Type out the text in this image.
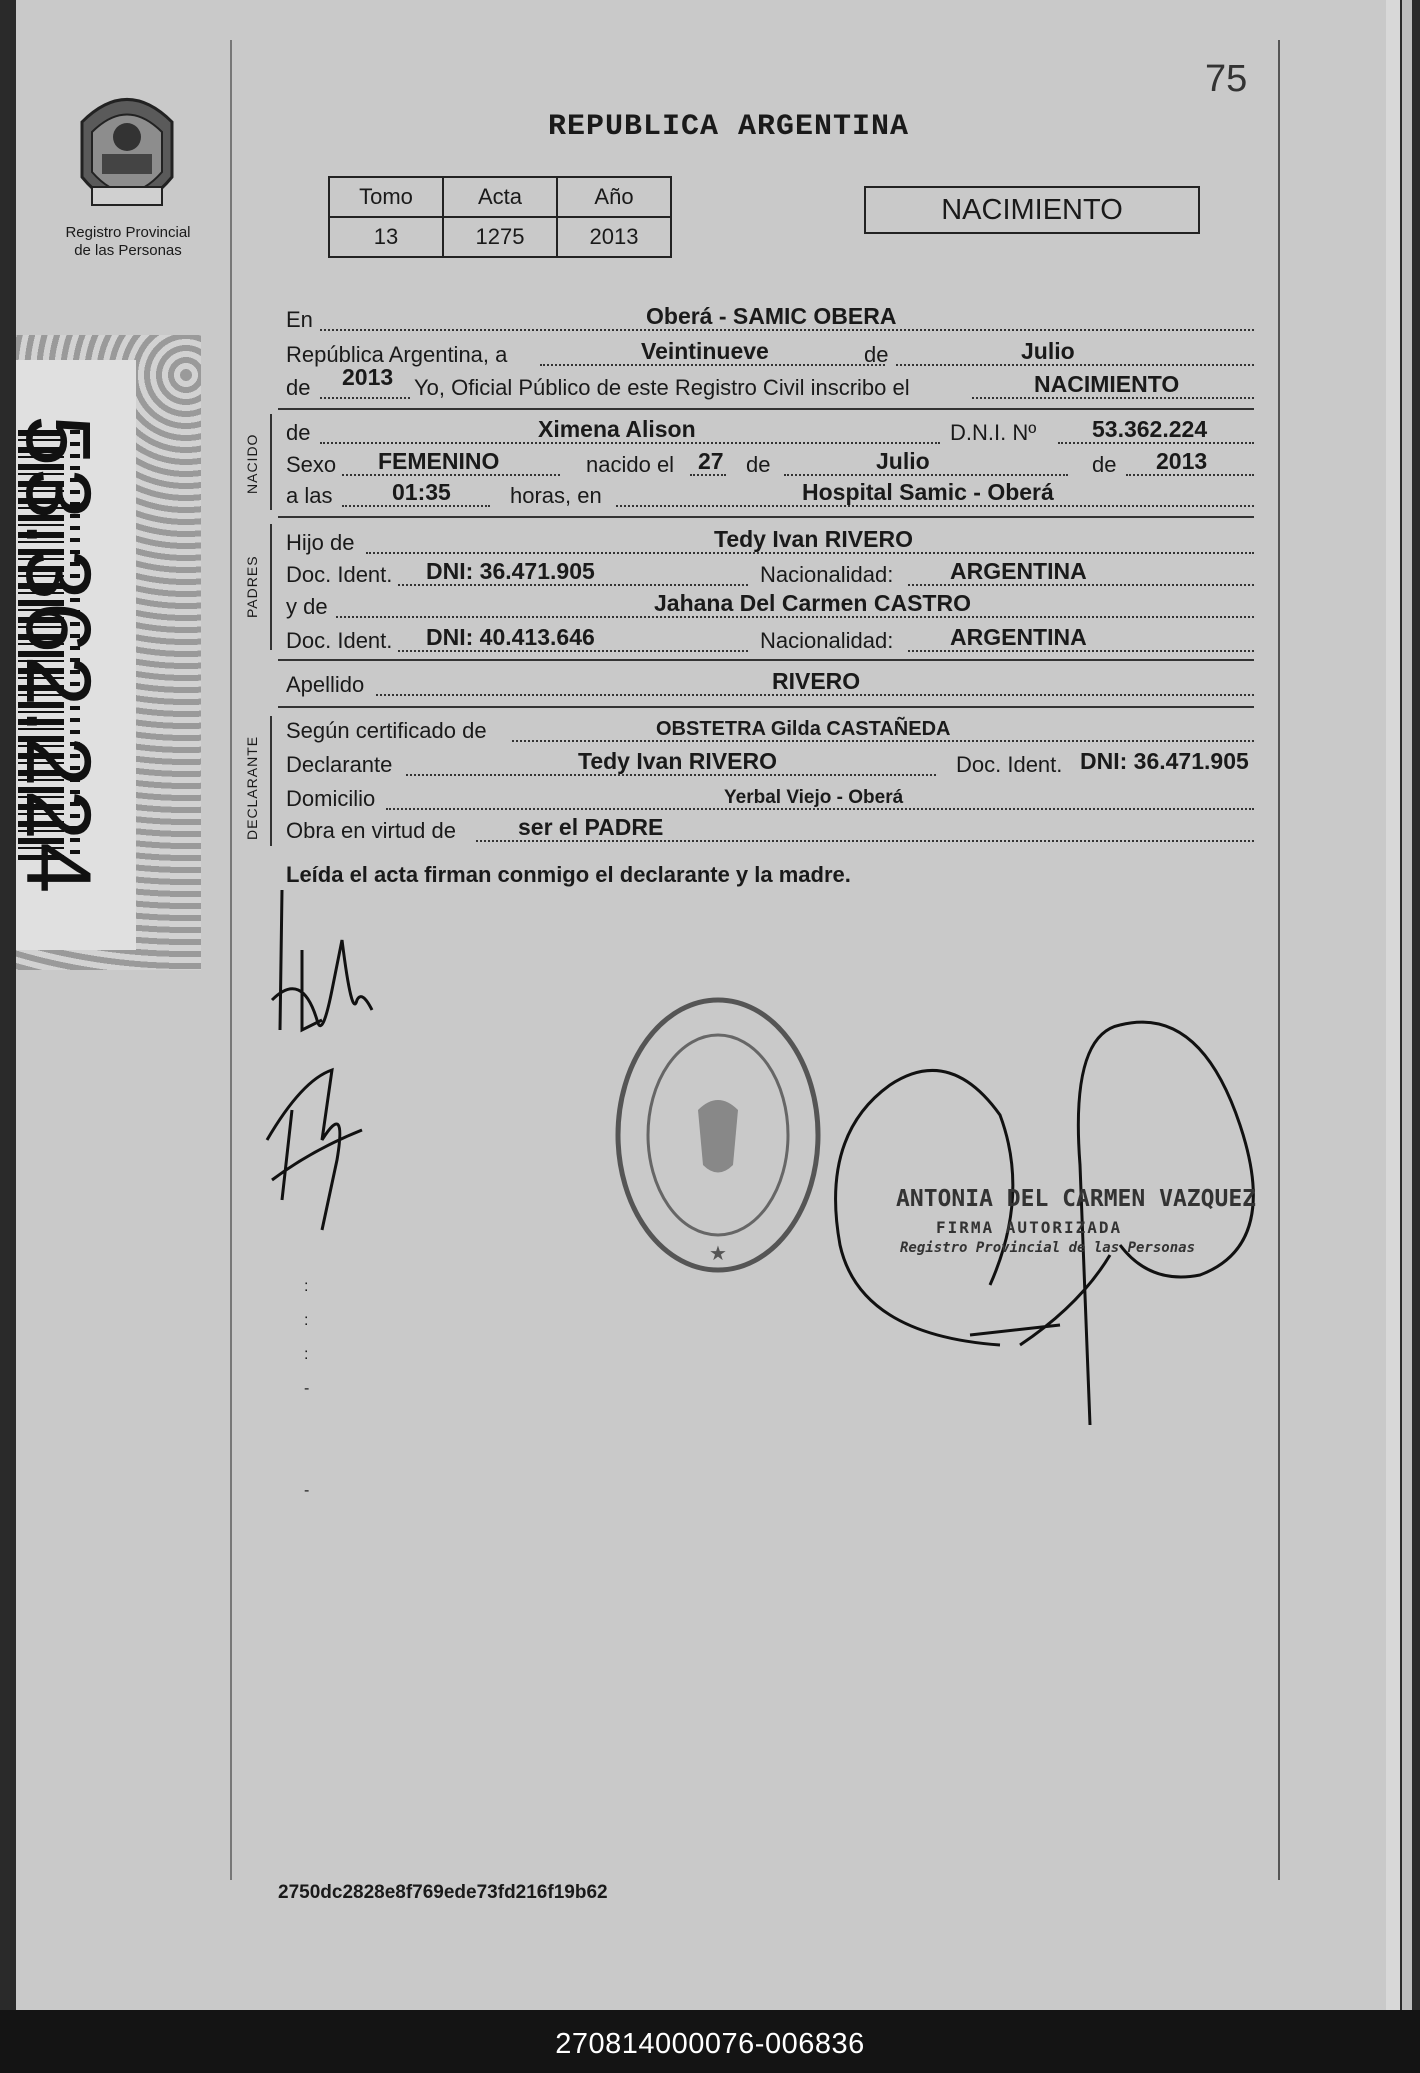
75
Registro Provincial
de las Personas
REPUBLICA ARGENTINA
Tomo	Acta	Año
13	1275	2013
NACIMIENTO
53.362.224
En	Oberá - SAMIC OBERA
República Argentina, a	Veintinueve	de	Julio
de 2013 Yo, Oficial Público de este Registro Civil inscribo el	NACIMIENTO
NACIDO
de	Ximena Alison	D.N.I. Nº 53.362.224
Sexo FEMENINO	nacido el 27 de	Julio	de 2013
a las	01:35	horas, en	Hospital Samic - Oberá
PADRES
Hijo de	Tedy Ivan RIVERO
Doc. Ident. DNI: 36.471.905	Nacionalidad: ARGENTINA
y de	Jahana Del Carmen CASTRO
Doc. Ident. DNI: 40.413.646	Nacionalidad: ARGENTINA
Apellido	RIVERO
DECLARANTE
Según certificado de	OBSTETRA Gilda CASTAÑEDA
Declarante	Tedy Ivan RIVERO	Doc. Ident. DNI: 36.471.905
Domicilio	Yerbal Viejo - Oberá
Obra en virtud de	ser el PADRE
Leída el acta firman conmigo el declarante y la madre.
:
:
:
-

-
★
ANTONIA DEL CARMEN VAZQUEZ
FIRMA AUTORIZADA
Registro Provincial de las Personas
2750dc2828e8f769ede73fd216f19b62
270814000076-006836
